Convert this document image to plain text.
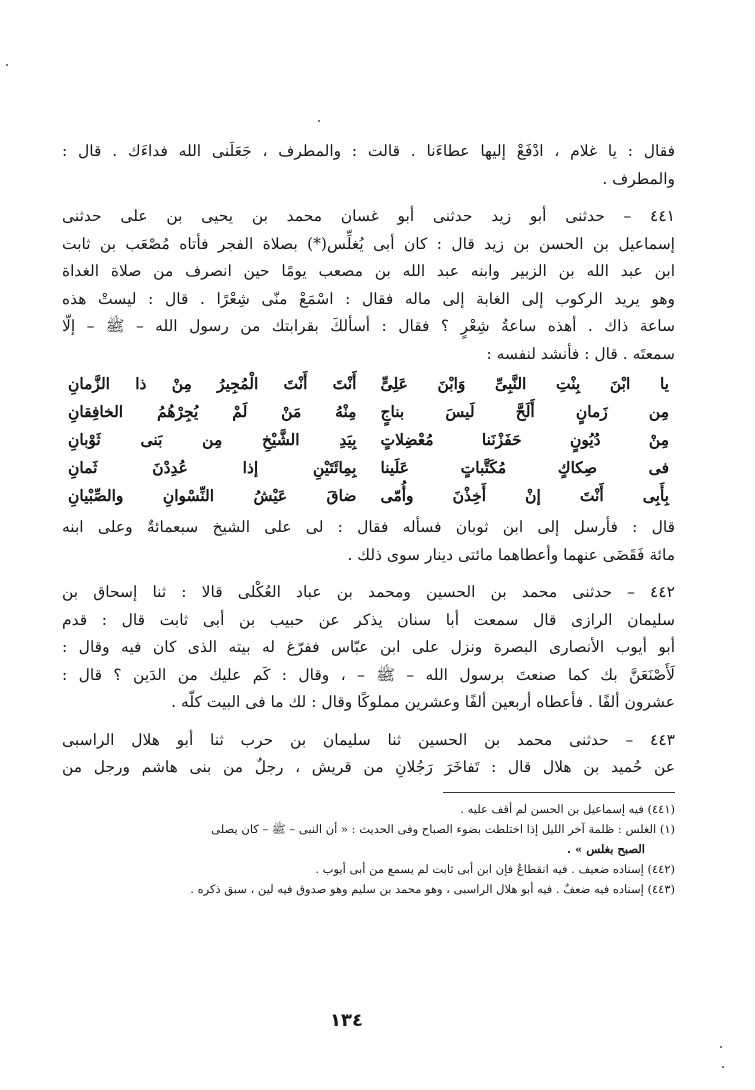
فقال : يا غلام ، ادْفَعْ إليها عطاءَنا . قالت : والمطرف ، جَعَلَنى الله فداءَك . قال :
والمطرف .
٤٤١ – حدثنى أبو زيد حدثنى أبو غسان محمد بن يحيى بن على حدثنى
إسماعيل بن الحسن بن زيد قال : كان أبى يُغلِّس(*) بصلاة الفجر فأتاه مُصْعَب بن ثابت
ابن عبد الله بن الزبير وابنه عبد الله بن مصعب يومًا حين انصرف من صلاة الغداة
وهو يريد الركوب إلى الغابة إلى ماله فقال : اسْمَعْ منّى شِعْرًا . قال : ليستْ هذه
ساعة ذاك . أهذه ساعةُ شِعْرٍ ؟ فقال : أسألكَ بقرابتك من رسول الله – ﷺ – إلّا
سمعتَه . قال : فأنشد لنفسه :
يا ابْنَ بِنْتِ النَّبِىِّ وَابْنَ عَلِىٍّ
أَنْتَ أَنْتَ الْمُجِيرُ مِنْ ذا الزَّمانِ
مِن زَمانٍ أَلَحَّ لَيسَ بناجٍ
مِنْهُ مَنْ لَمْ يُجِرْهُمُ الخافِقانِ
مِنْ دُيُونٍ حَفَزْنَنا مُعْضِلاتٍ
بِيَدِ الشَّيْخِ مِن بَنى ثَوْبانِ
فى صِكاكٍ مُكَتَّباتٍ عَلَينا
بِمِائَتَيْنِ إذا عُدِدْنَ ثَمانِ
بِأَبِى أَنْتَ إنْ أَخِذْنَ وأُمّى
ضاقَ عَيْشُ النِّسْوانِ والصِّبْيانِ
قال : فأرسل إلى ابن ثوبان فسأله فقال : لى على الشيخ سبعمائةٌ وعلى ابنه
مائة فَقَضَى عنهما وأعطاهما مائتى دينار سوى ذلك .
٤٤٢ – حدثنى محمد بن الحسين ومحمد بن عباد العُكْلى قالا : ثنا إسحاق بن
سليمان الرازى قال سمعت أبا سنان يذكر عن حبيب بن أبى ثابت قال : قدم
أبو أيوب الأنصارى البصرة ونزل على ابن عبّاس ففرّغ له بيته الذى كان فيه وقال :
لَأَصْنَعَنَّ بك كما صنعتَ برسول الله – ﷺ – ، وقال : كَم عليك من الدَين ؟ قال :
عشرون ألفًا . فأعطاه أربعين ألفًا وعشرين مملوكًا وقال : لك ما فى البيت كلّه .
٤٤٣ – حدثنى محمد بن الحسين ثنا سليمان بن حرب ثنا أبو هلال الراسبى
عن حُميد بن هلال قال : تَفاخَرَ رَجُلانِ من قريش ، رجلٌ من بنى هاشم ورجل من
(٤٤١) فيه إسماعيل بن الحسن لم أقف عليه .
(١) الغلس : ظلمة آخر الليل إذا اختلطت بضوء الصباح وفى الحديث : « أن النبى – ﷺ – كان يصلى
الصبح بغلس » .
(٤٤٢) إسناده ضعيف . فيه انقطاعٌ فإن ابن أبى ثابت لم يسمع من أبى أيوب .
(٤٤٣) إسناده فيه ضعفٌ . فيه أبو هلال الراسبى ، وهو محمد بن سليم وهو صدوق فيه لين ، سبق ذكره .
١٣٤
